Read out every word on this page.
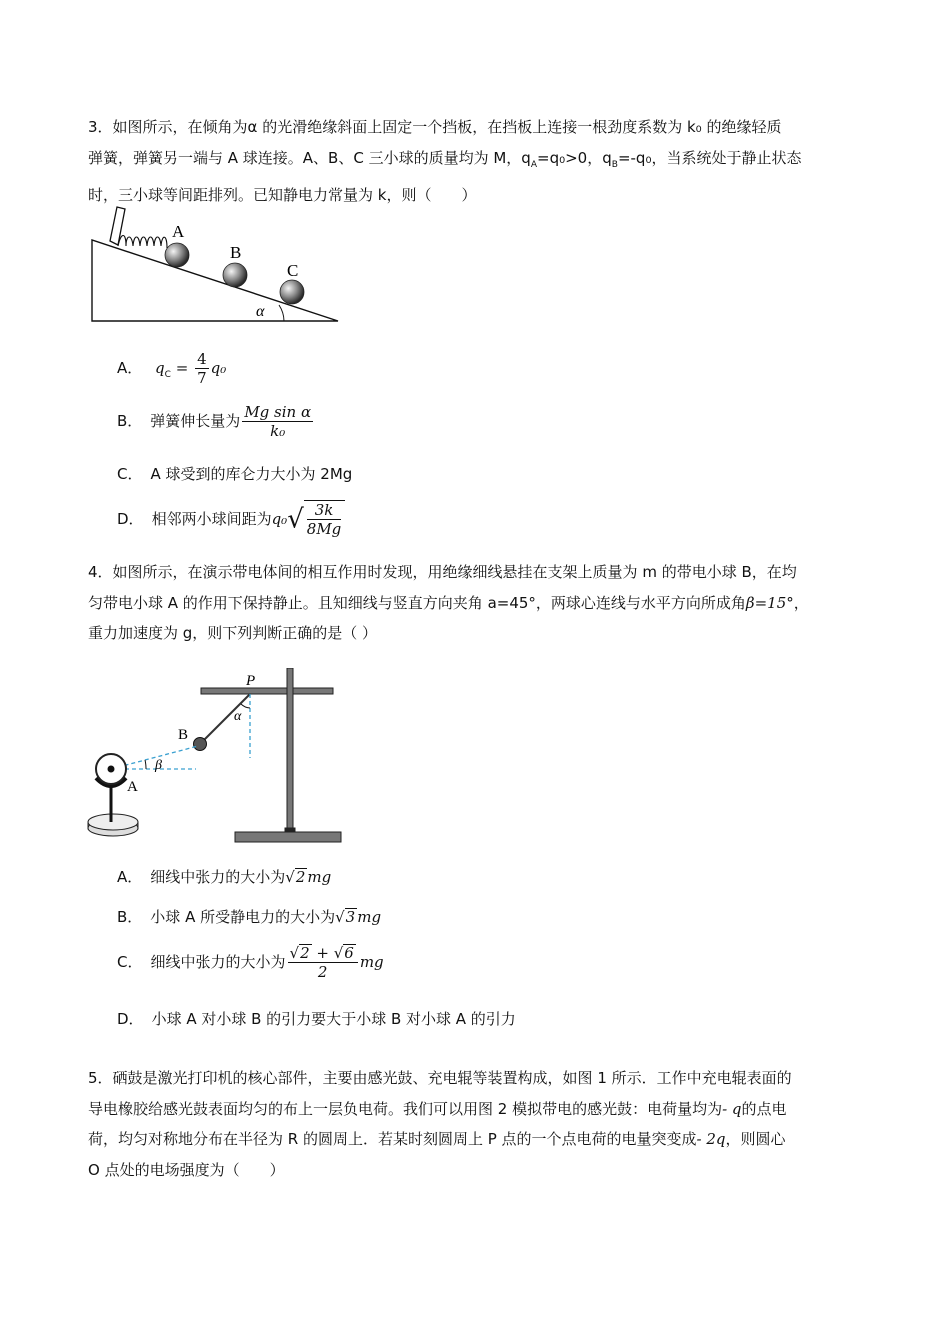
3．如图所示，在倾角为α 的光滑绝缘斜面上固定一个挡板，在挡板上连接一根劲度系数为 k₀ 的绝缘轻质
弹簧，弹簧另一端与 A 球连接。A、B、C 三小球的质量均为 M，$q_A=q_0>0$，$q_B=-q_0$，当系统处于静止状态
时，三小球等间距排列。已知静电力常量为 k，则（　　）
A
B
C
α
A． $q_C = \frac{4}{7} q_0$
B． 弹簧伸长量为 $\frac{\text{Mg sin α}}{\text{k₀}}$
C． A 球受到的库仑力大小为 2Mg
D． 相邻两小球间距为$q_0√ \frac{3k}{8Mg}$
4．如图所示，在演示带电体间的相互作用时发现，用绝缘细线悬挂在支架上质量为 m 的带电小球 B，在均
匀带电小球 A 的作用下保持静止。且知细线与竖直方向夹角 a=45°，两球心连线与水平方向所成角β=15°，
重力加速度为 g，则下列判断正确的是（ ）
P
B
α
β
A
A． 细线中张力的大小为√2 mg
B． 小球 A 所受静电力的大小为√3 mg
C． 细线中张力的大小为 $\frac{√2 + √6}{2}$ mg
D． 小球 A 对小球 B 的引力要大于小球 B 对小球 A 的引力
5．硒鼓是激光打印机的核心部件，主要由感光鼓、充电辊等装置构成，如图 1 所示．工作中充电辊表面的
导电橡胶给感光鼓表面均匀的布上一层负电荷。我们可以用图 2 模拟带电的感光鼓：电荷量均为- q的点电
荷，均匀对称地分布在半径为 R 的圆周上．若某时刻圆周上 P 点的一个点电荷的电量突变成- 2q，则圆心
O 点处的电场强度为（　　）
